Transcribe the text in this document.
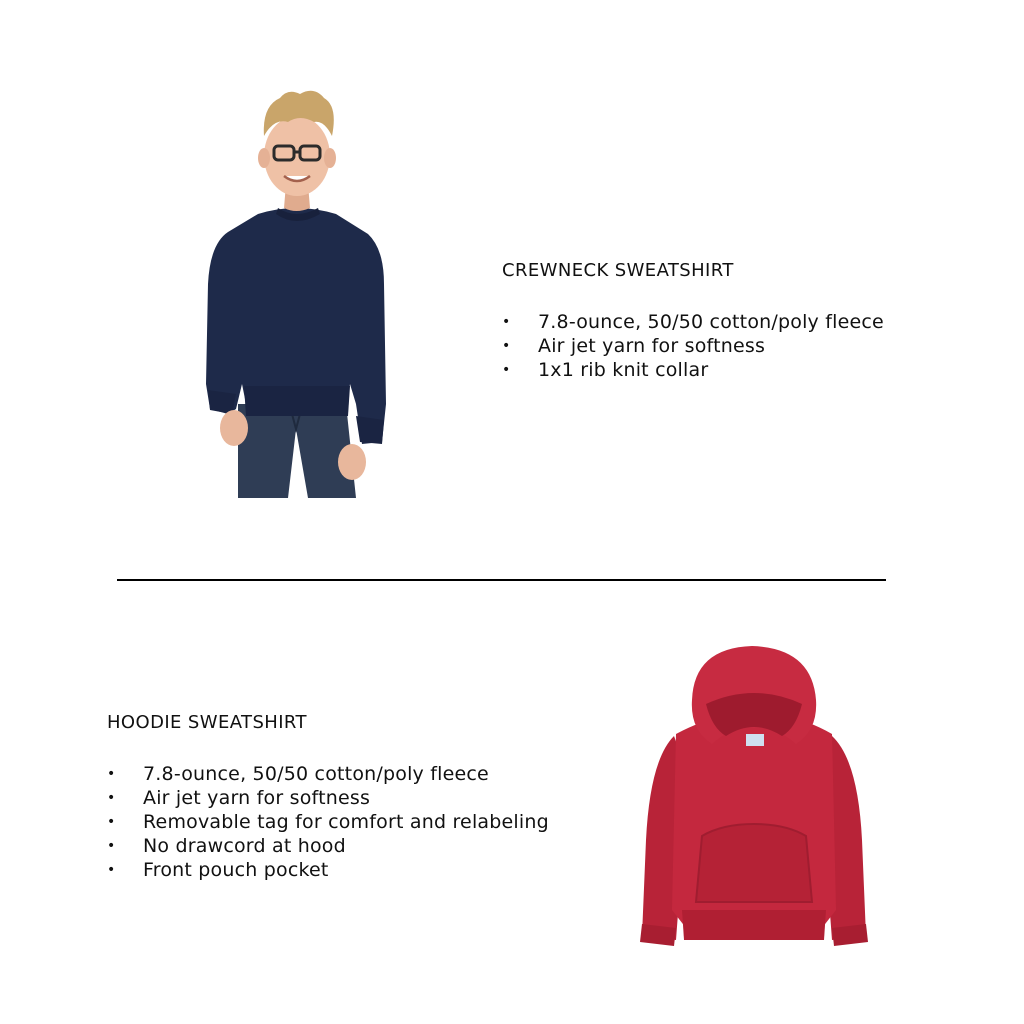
CREWNECK SWEATSHIRT
• 7.8-ounce, 50/50 cotton/poly fleece
• Air jet yarn for softness
• 1x1 rib knit collar
HOODIE SWEATSHIRT
• 7.8-ounce, 50/50 cotton/poly fleece
• Air jet yarn for softness
• Removable tag for comfort and relabeling
• No drawcord at hood
• Front pouch pocket
